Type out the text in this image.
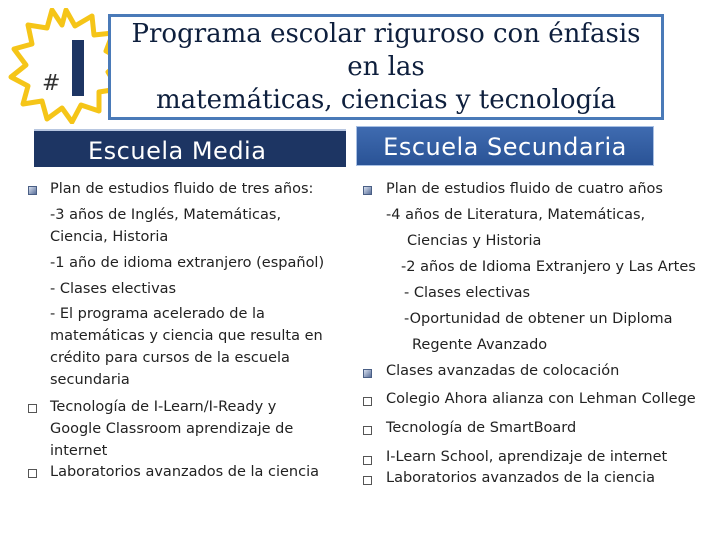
#
Programa escolar riguroso con énfasis
en las
matemáticas, ciencias y tecnología
Escuela Media	Escuela Secundaria
Plan de estudios fluido de tres años:
-3 años de Inglés, Matemáticas,
Ciencia, Historia
-1 año de idioma extranjero (español)
- Clases electivas
- El programa acelerado de la
matemáticas y ciencia que resulta en
crédito para cursos de la escuela
secundaria
Tecnología de I-Learn/I-Ready y
Google Classroom aprendizaje de
internet
Laboratorios avanzados de la ciencia
Plan de estudios fluido de cuatro años
-4 años de Literatura, Matemáticas,
Ciencias y Historia
-2 años de Idioma Extranjero y Las Artes
- Clases electivas
-Oportunidad de obtener un Diploma
Regente Avanzado
Clases avanzadas de colocación
Colegio Ahora alianza con Lehman College
Tecnología de SmartBoard
I-Learn School, aprendizaje de internet
Laboratorios avanzados de la ciencia
